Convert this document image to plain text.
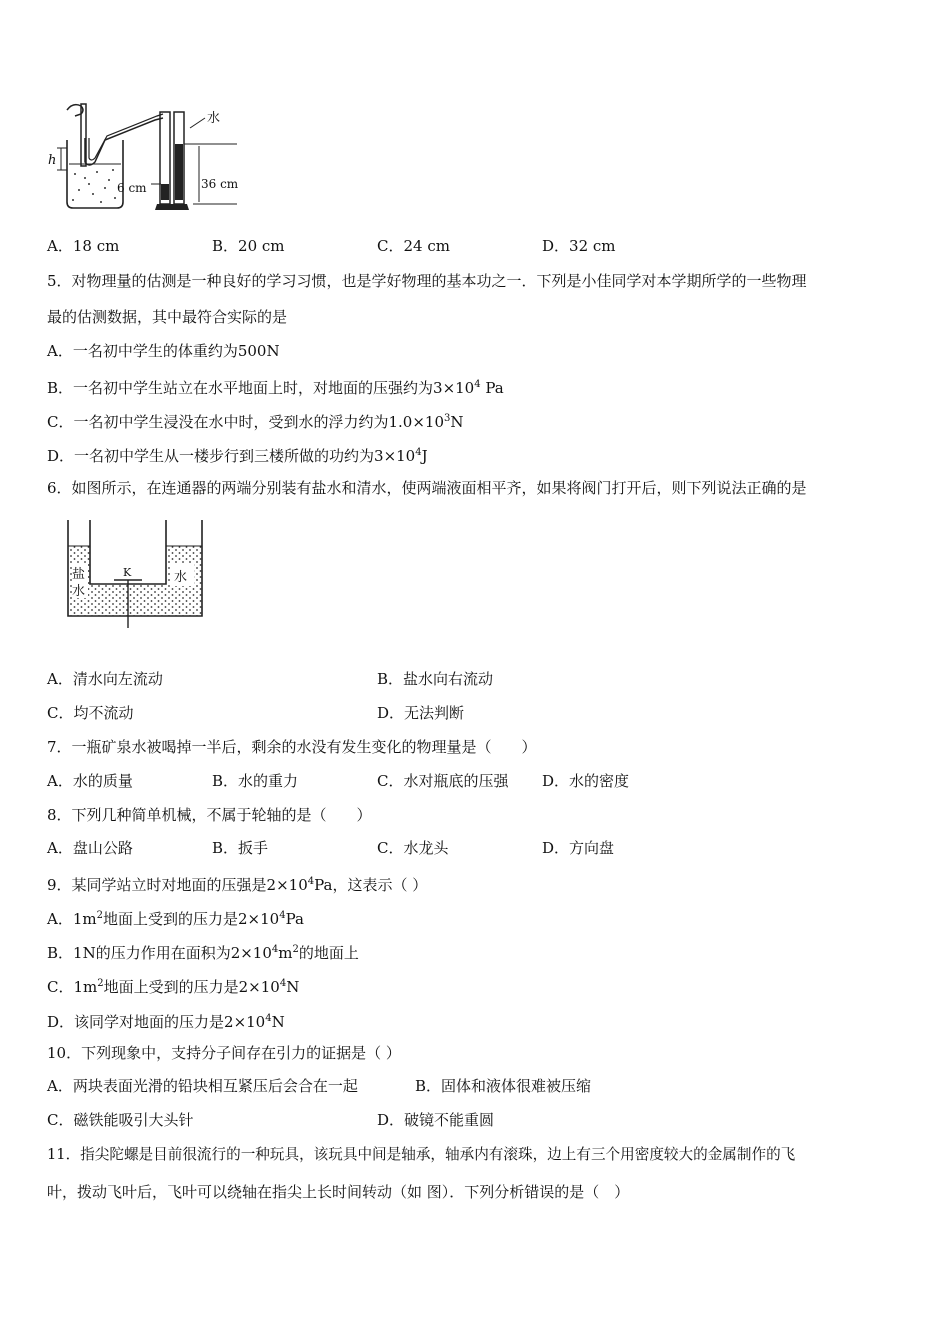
水
h
6 cm	36 cm
A．18 cm	B．20 cm	C．24 cm	D．32 cm
5．对物理量的估测是一种良好的学习习惯，也是学好物理的基本功之一．下列是小佳同学对本学期所学的一些物理
最的估测数据，其中最符合实际的是
A．一名初中学生的体重约为500N
B．一名初中学生站立在水平地面上时，对地面的压强约为$3\times 10^4$ Pa
C．一名初中学生浸没在水中时，受到水的浮力约为$1.0\times 10^3N$
D．一名初中学生从一楼步行到三楼所做的功约为$3\times 10^4J$
6．如图所示，在连通器的两端分别装有盐水和清水，使两端液面相平齐，如果将阀门打开后，则下列说法正确的是
盐
水
K	水
A．清水向左流动	B．盐水向右流动
C．均不流动	D．无法判断
7．一瓶矿泉水被喝掉一半后，剩余的水没有发生变化的物理量是（　　）
A．水的质量	B．水的重力	C．水对瓶底的压强 D．水的密度
8．下列几种简单机械，不属于轮轴的是（　　）
A．盘山公路	B．扳手	C．水龙头	D．方向盘
9．某同学站立时对地面的压强是$2\times 10^4Pa$，这表示（ ）
A．$1m^2$地面上受到的压力是$2\times 10^4Pa$
B．1N的压力作用在面积为$2\times 10^4m^2$的地面上
C．$1m^2$地面上受到的压力是$2\times 10^4N$
D．该同学对地面的压力是$2\times 10^4N$
10．下列现象中，支持分子间存在引力的证据是（ ）
A．两块表面光滑的铅块相互紧压后会合在一起	B．固体和液体很难被压缩
C．磁铁能吸引大头针	D．破镜不能重圆
11．指尖陀螺是目前很流行的一种玩具，该玩具中间是轴承，轴承内有滚珠，边上有三个用密度较大的金属制作的飞
叶，拨动飞叶后，飞叶可以绕轴在指尖上长时间转动（如 图）．下列分析错误的是（　）
